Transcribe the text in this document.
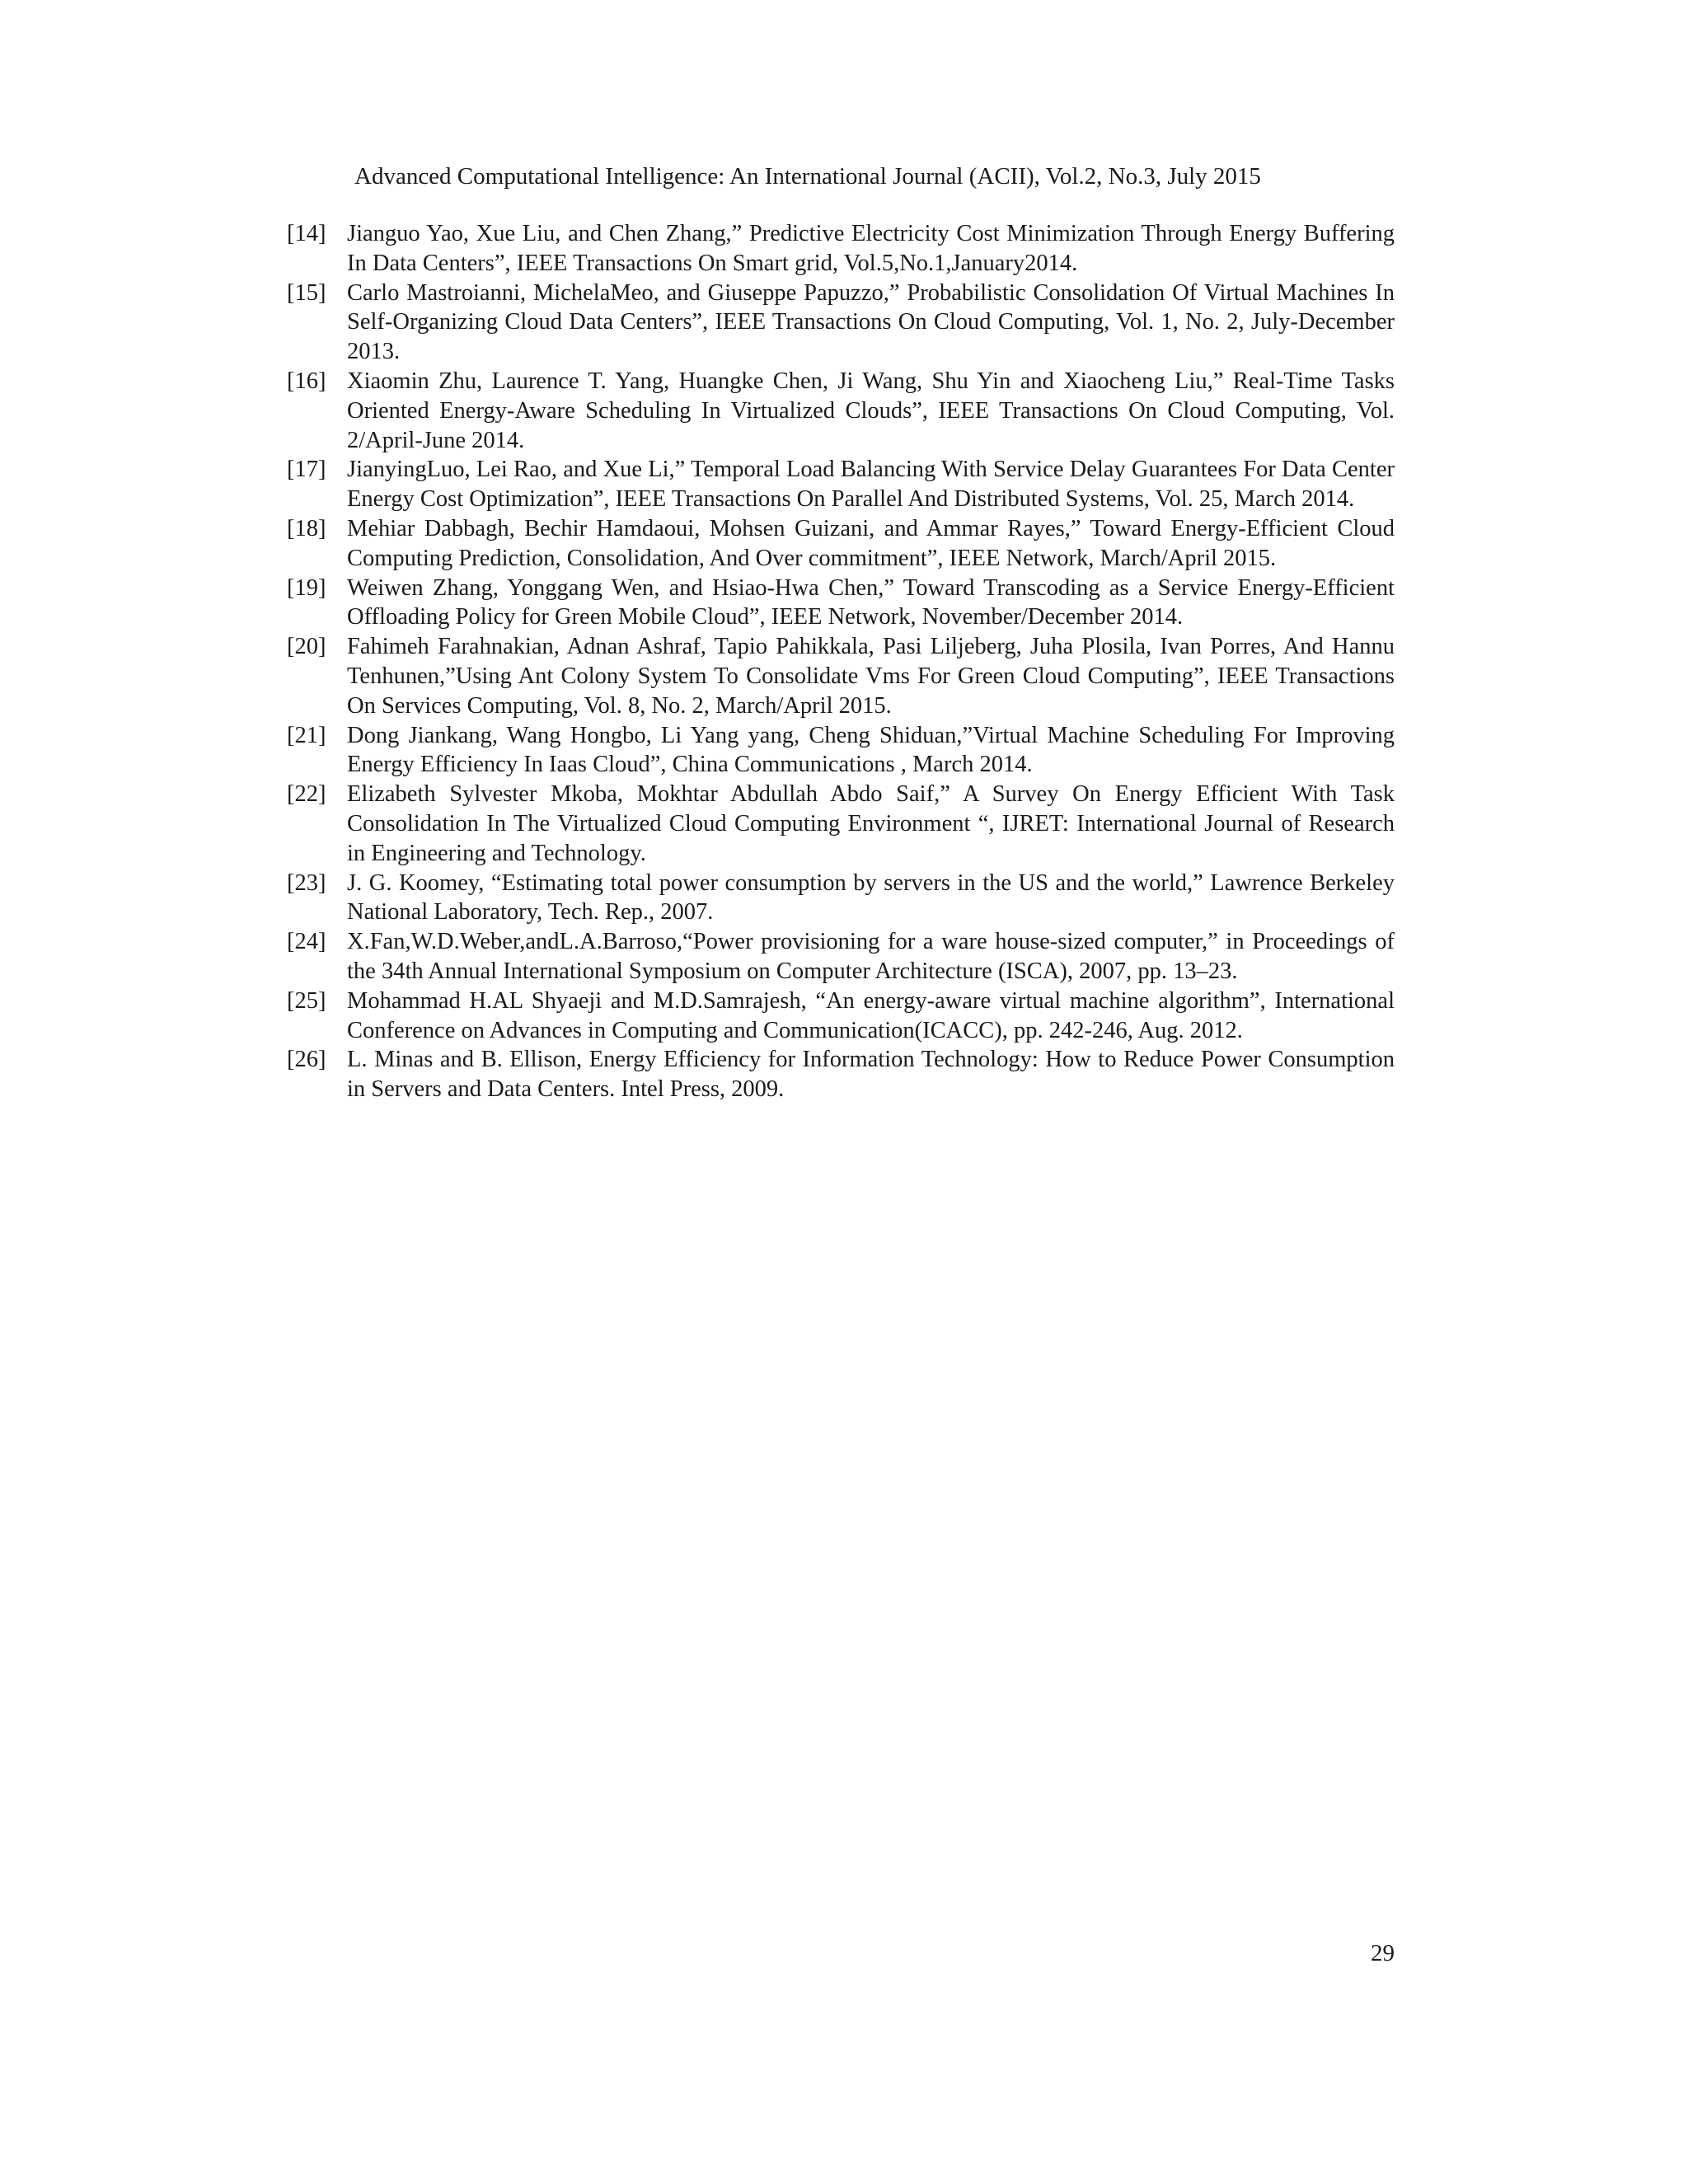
Advanced Computational Intelligence: An International Journal (ACII), Vol.2, No.3, July 2015
[14] Jianguo Yao, Xue Liu, and Chen Zhang,” Predictive Electricity Cost Minimization Through Energy Buffering In Data Centers”, IEEE Transactions On Smart grid, Vol.5,No.1,January2014.
[15] Carlo Mastroianni, MichelaMeo, and Giuseppe Papuzzo,” Probabilistic Consolidation Of Virtual Machines In Self-Organizing Cloud Data Centers”, IEEE Transactions On Cloud Computing, Vol. 1, No. 2, July-December 2013.
[16] Xiaomin Zhu, Laurence T. Yang, Huangke Chen, Ji Wang, Shu Yin and Xiaocheng Liu,” Real-Time Tasks Oriented Energy-Aware Scheduling In Virtualized Clouds”, IEEE Transactions On Cloud Computing, Vol. 2/April-June 2014.
[17] JianyingLuo, Lei Rao, and Xue Li,” Temporal Load Balancing With Service Delay Guarantees For Data Center Energy Cost Optimization”, IEEE Transactions On Parallel And Distributed Systems, Vol. 25, March 2014.
[18] Mehiar Dabbagh, Bechir Hamdaoui, Mohsen Guizani, and Ammar Rayes,” Toward Energy-Efficient Cloud Computing Prediction, Consolidation, And Over commitment”, IEEE Network, March/April 2015.
[19] Weiwen Zhang, Yonggang Wen, and Hsiao-Hwa Chen,” Toward Transcoding as a Service Energy-Efficient Offloading Policy for Green Mobile Cloud”, IEEE Network, November/December 2014.
[20] Fahimeh Farahnakian, Adnan Ashraf, Tapio Pahikkala, Pasi Liljeberg, Juha Plosila, Ivan Porres, And Hannu Tenhunen,”Using Ant Colony System To Consolidate Vms For Green Cloud Computing”, IEEE Transactions On Services Computing, Vol. 8, No. 2, March/April 2015.
[21] Dong Jiankang, Wang Hongbo, Li Yang yang, Cheng Shiduan,”Virtual Machine Scheduling For Improving Energy Efficiency In Iaas Cloud”, China Communications , March 2014.
[22] Elizabeth Sylvester Mkoba, Mokhtar Abdullah Abdo Saif,” A Survey On Energy Efficient With Task Consolidation In The Virtualized Cloud Computing Environment “, IJRET: International Journal of Research in Engineering and Technology.
[23] J. G. Koomey, “Estimating total power consumption by servers in the US and the world,” Lawrence Berkeley National Laboratory, Tech. Rep., 2007.
[24] X.Fan,W.D.Weber,andL.A.Barroso,“Power provisioning for a ware house-sized computer,” in Proceedings of the 34th Annual International Symposium on Computer Architecture (ISCA), 2007, pp. 13–23.
[25] Mohammad H.AL Shyaeji and M.D.Samrajesh, “An energy-aware virtual machine algorithm”, International Conference on Advances in Computing and Communication(ICACC), pp. 242-246, Aug. 2012.
[26] L. Minas and B. Ellison, Energy Efficiency for Information Technology: How to Reduce Power Consumption in Servers and Data Centers. Intel Press, 2009.
29
